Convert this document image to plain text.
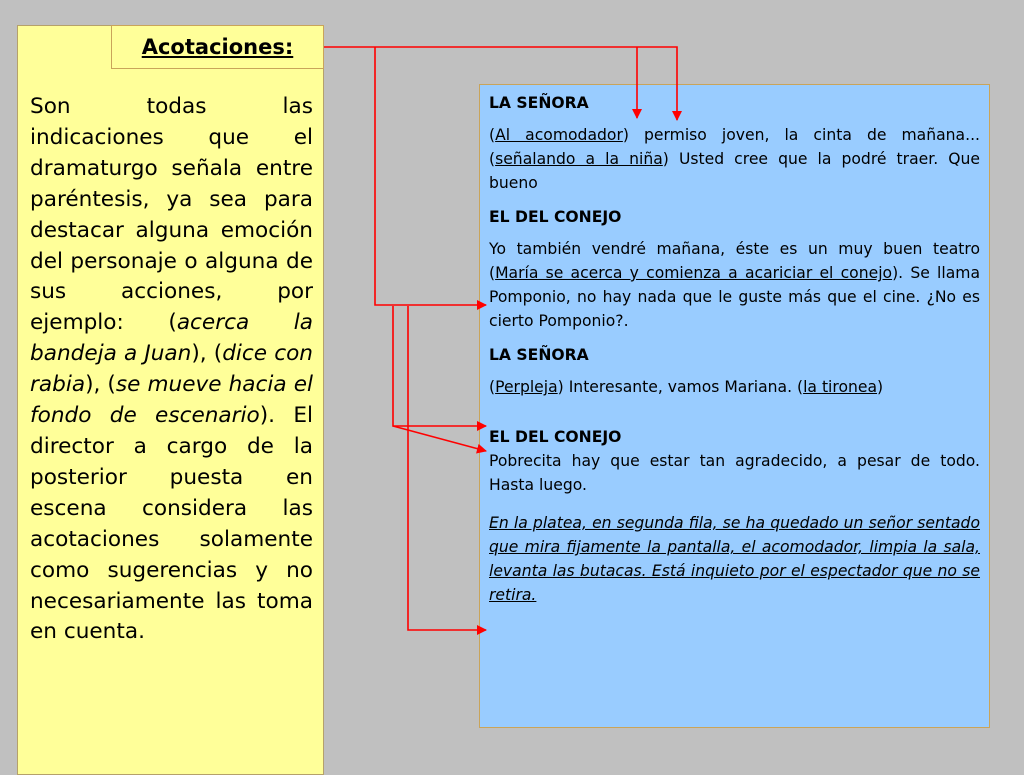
Acotaciones:
Son todas las indicaciones que el dramaturgo señala entre paréntesis, ya sea para destacar alguna emoción del personaje o alguna de sus acciones, por ejemplo: (acerca la bandeja a Juan), (dice con rabia), (se mueve hacia el fondo de escenario). El director a cargo de la posterior puesta en escena considera las acotaciones solamente como sugerencias y no necesariamente las toma en cuenta.

LA SEÑORA

(Al acomodador) permiso joven, la cinta de mañana...(señalando a la niña) Usted cree que la podré traer. Que bueno

EL DEL CONEJO

Yo también vendré mañana, éste es un muy buen teatro (María se acerca y comienza a acariciar el conejo). Se llama Pomponio, no hay nada que le guste más que el cine. ¿No es cierto Pomponio?.

LA SEÑORA

(Perpleja) Interesante, vamos Mariana. (la tironea)

EL DEL CONEJO

Pobrecita hay que estar tan agradecido, a pesar de todo. Hasta luego.

En la platea, en segunda fila, se ha quedado un señor sentado que mira fijamente la pantalla, el acomodador, limpia la sala, levanta las butacas. Está inquieto por el espectador que no se retira.
